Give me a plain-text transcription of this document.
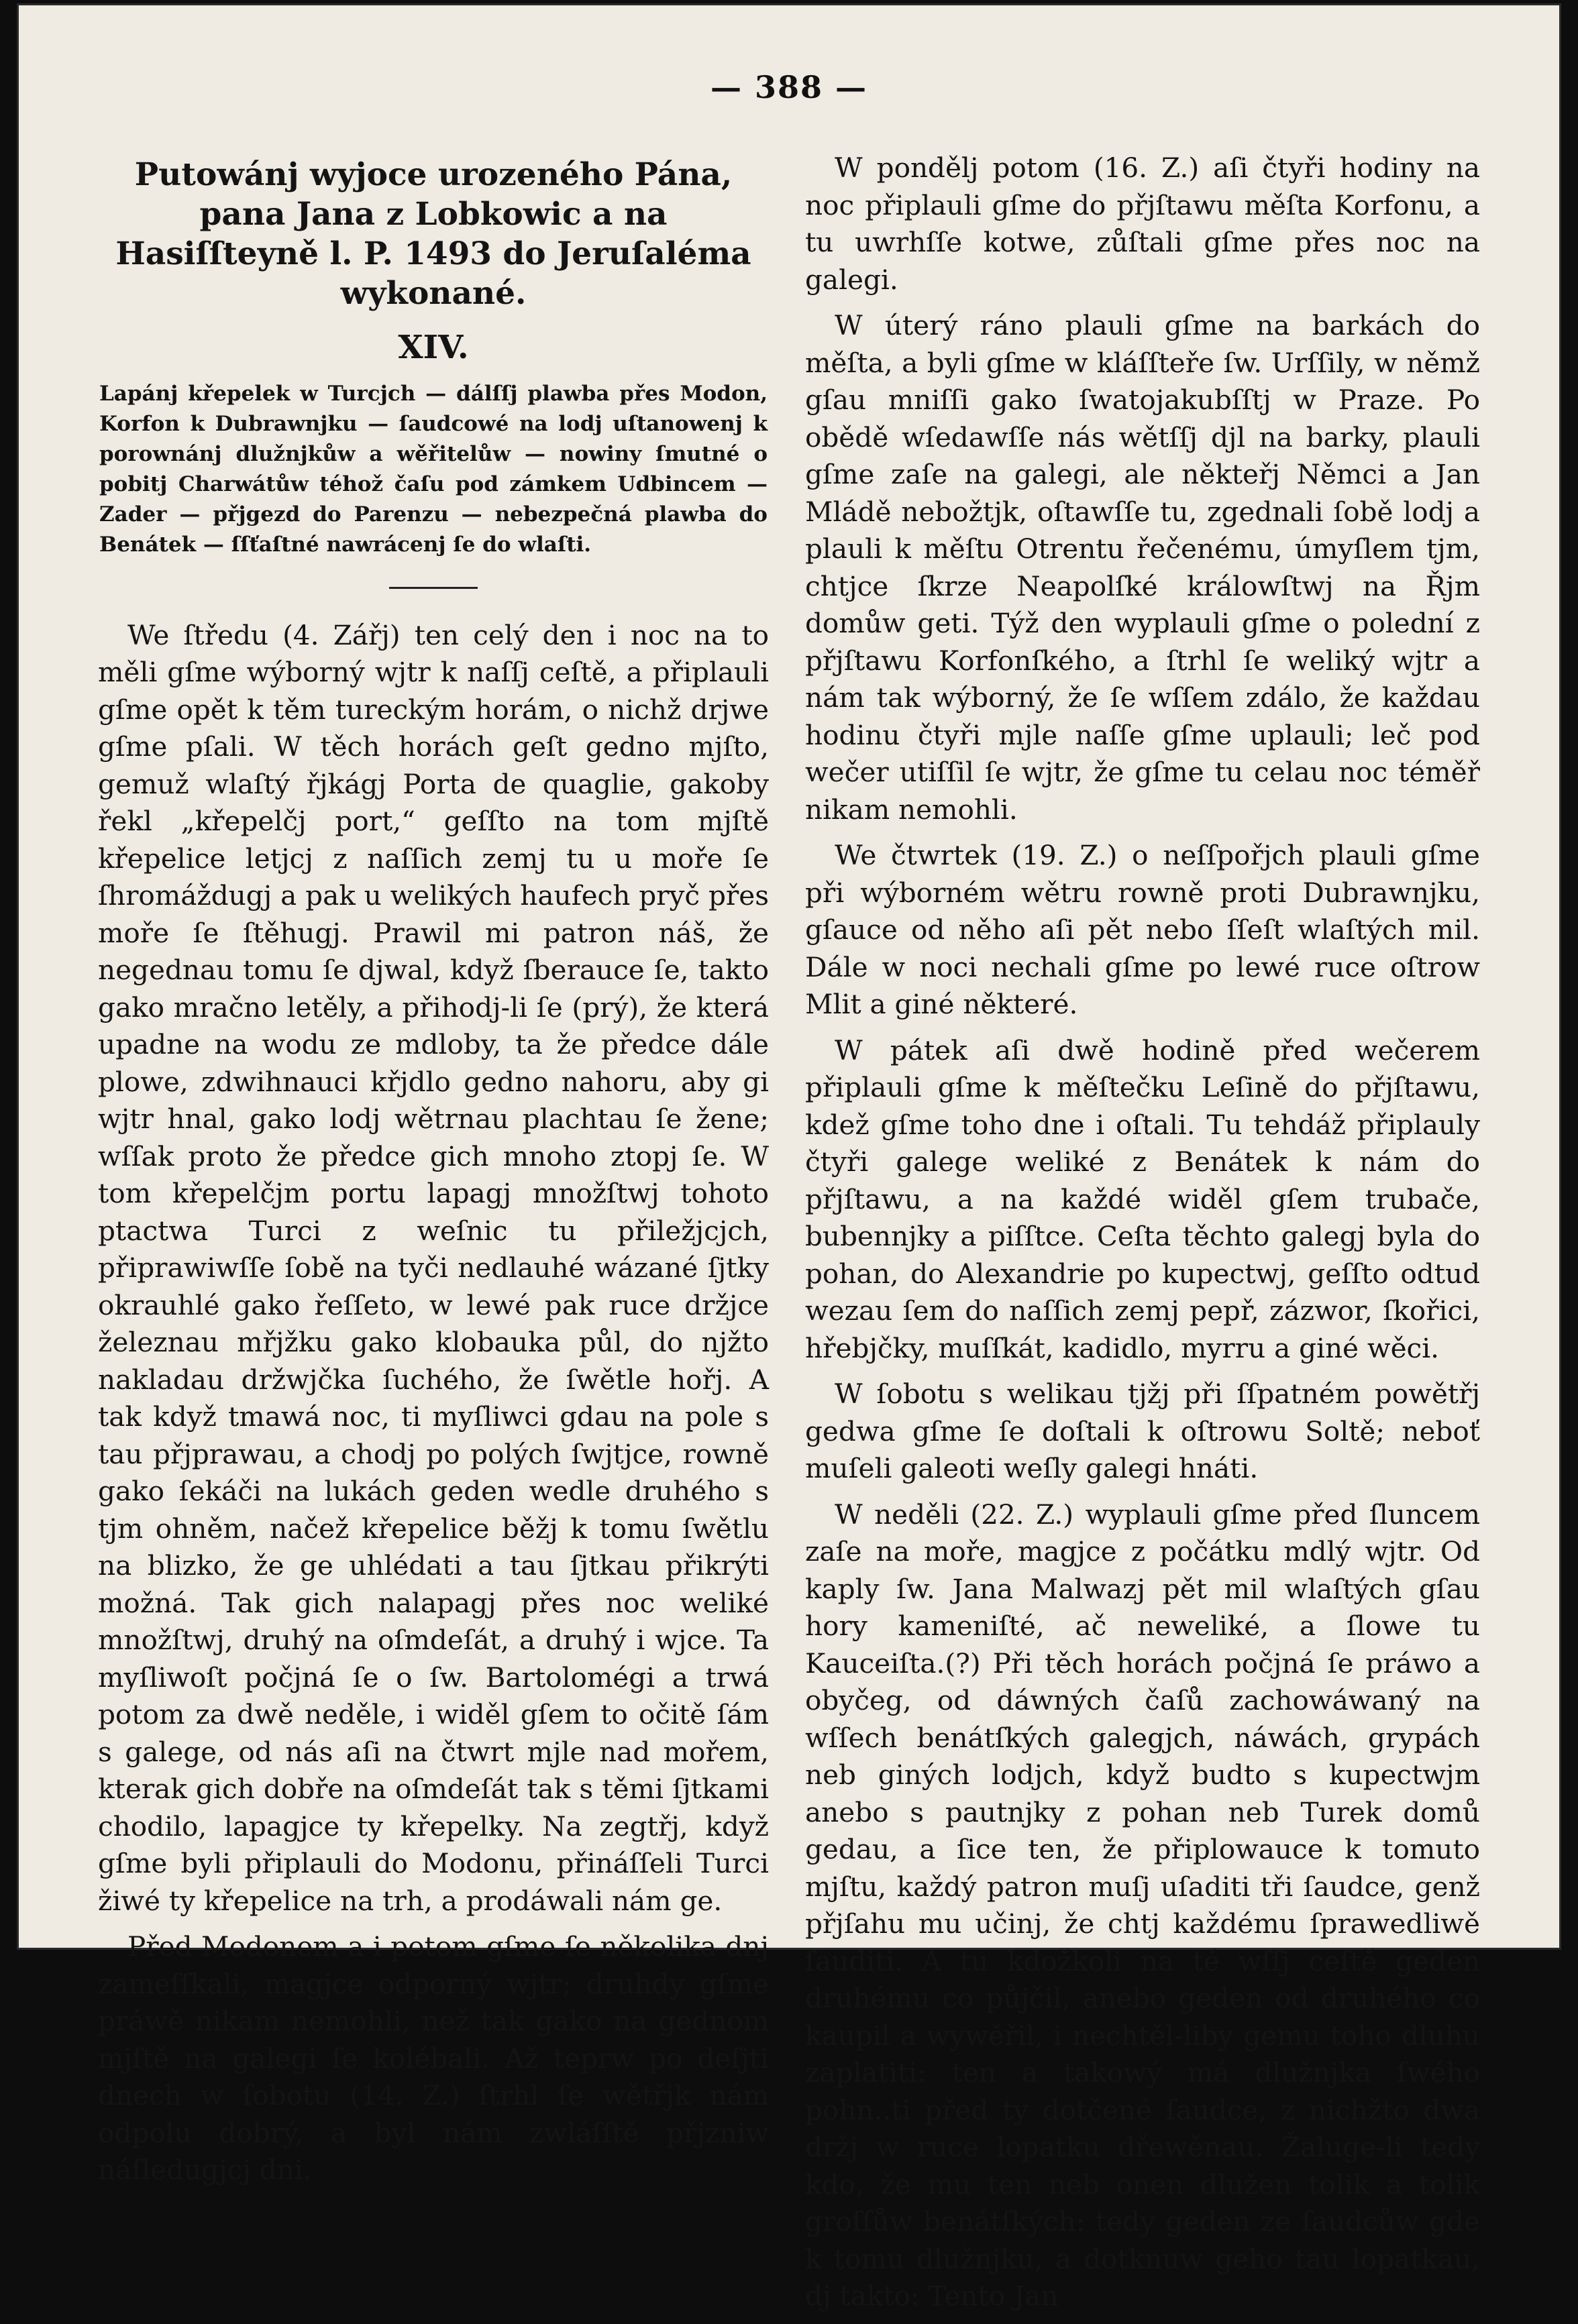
— 388 —
Putowánj wyjoce urozeného Pána, pana Jana z Lobkowic a na Hasiſſteyně l. P. 1493 do Jeruſaléma wykonané.
XIV.
Lapánj křepelek w Turcjch — dálſſj plawba přes Modon, Korfon k Dubrawnjku — ſaudcowé na lodj uſtanowenj k porownánj dlužnjkůw a wěřitelůw — nowiny ſmutné o pobitj Charwátůw téhož čaſu pod zámkem Udbincem — Zader — přjgezd do Parenzu — nebezpečná plawba do Benátek — ſſťaſtné nawrácenj ſe do wlaſti.

We ſtředu (4. Zářj) ten celý den i noc na to měli gſme wýborný wjtr k naſſj ceſtě, a připlauli gſme opět k těm tureckým horám, o nichž drjwe gſme pſali. W těch horách geſt gedno mjſto, gemuž wlaſtý řjkágj Porta de quaglie, gakoby řekl „křepelčj port,“ geſſto na tom mjſtě křepelice letjcj z naſſich zemj tu u moře ſe ſhromáždugj a pak u welikých haufech pryč přes moře ſe ſtěhugj. Prawil mi patron náš, že negednau tomu ſe djwal, když ſberauce ſe, takto gako mračno letěly, a přihodj-li ſe (prý), že která upadne na wodu ze mdloby, ta že předce dále plowe, zdwihnauci křjdlo gedno nahoru, aby gi wjtr hnal, gako lodj wětrnau plachtau ſe žene; wſſak proto že předce gich mnoho ztopj ſe. W tom křepelčjm portu lapagj množſtwj tohoto ptactwa Turci z weſnic tu přiležjcjch, připrawiwſſe ſobě na tyči nedlauhé wázané ſjtky okrauhlé gako řeſſeto, w lewé pak ruce držjce železnau mřjžku gako klobauka půl, do njžto nakladau držwjčka ſuchého, že ſwětle hořj. A tak když tmawá noc, ti myſliwci gdau na pole s tau přjprawau, a chodj po polých ſwjtjce, rowně gako ſekáči na lukách geden wedle druhého s tjm ohněm, načež křepelice běžj k tomu ſwětlu na blizko, že ge uhlédati a tau ſjtkau přikrýti možná. Tak gich nalapagj přes noc weliké množſtwj, druhý na oſmdeſát, a druhý i wjce. Ta myſliwoſt počjná ſe o ſw. Bartolomégi a trwá potom za dwě neděle, i widěl gſem to očitě ſám s galege, od nás aſi na čtwrt mjle nad mořem, kterak gich dobře na oſmdeſát tak s těmi ſjtkami chodilo, lapagjce ty křepelky. Na zegtřj, když gſme byli připlauli do Modonu, přináſſeli Turci žiwé ty křepelice na trh, a prodáwali nám ge.

Před Modonem a i potom gſme ſe několika dnj zameſſkali, magjce odporný wjtr; druhdy gſme práwě nikam nemohli, než tak gako na gednom mjſtě na galegi ſe kolébali. Až teprw po deſjti dnech w ſobotu (14. Z.) ſtrhl ſe wětřjk nám odpolu dobrý, a byl nám zwláſſtě přjzniw náſledugjcj dni.

W pondělj potom (16. Z.) aſi čtyři hodiny na noc připlauli gſme do přjſtawu měſta Korfonu, a tu uwrhſſe kotwe, zůſtali gſme přes noc na galegi.

W úterý ráno plauli gſme na barkách do měſta, a byli gſme w kláſſteře ſw. Urſſily, w němž gſau mniſſi gako ſwatojakubſſtj w Praze. Po obědě wſedawſſe nás wětſſj djl na barky, plauli gſme zaſe na galegi, ale někteřj Němci a Jan Mládě nebožtjk, oſtawſſe tu, zgednali ſobě lodj a plauli k měſtu Otrentu řečenému, úmyſlem tjm, chtjce ſkrze Neapolſké králowſtwj na Řjm domůw geti. Týž den wyplauli gſme o polední z přjſtawu Korfonſkého, a ſtrhl ſe weliký wjtr a nám tak wýborný, že ſe wſſem zdálo, že každau hodinu čtyři mjle naſſe gſme uplauli; leč pod wečer utiſſil ſe wjtr, že gſme tu celau noc téměř nikam nemohli.

We čtwrtek (19. Z.) o neſſpořjch plauli gſme při wýborném wětru rowně proti Dubrawnjku, gſauce od něho aſi pět nebo ſſeſt wlaſtých mil. Dále w noci nechali gſme po lewé ruce oſtrow Mlit a giné některé.

W pátek aſi dwě hodině před wečerem připlauli gſme k měſtečku Leſině do přjſtawu, kdež gſme toho dne i oſtali. Tu tehdáž připlauly čtyři galege weliké z Benátek k nám do přjſtawu, a na každé widěl gſem trubače, bubennjky a piſſtce. Ceſta těchto galegj byla do pohan, do Alexandrie po kupectwj, geſſto odtud wezau ſem do naſſich zemj pepř, zázwor, ſkořici, hřebjčky, muſſkát, kadidlo, myrru a giné wěci.

W ſobotu s welikau tjžj při ſſpatném powětřj gedwa gſme ſe doſtali k oſtrowu Soltě; neboť muſeli galeoti weſly galegi hnáti.

W neděli (22. Z.) wyplauli gſme před ſluncem zaſe na moře, magjce z počátku mdlý wjtr. Od kaply ſw. Jana Malwazj pět mil wlaſtých gſau hory kameniſté, ač neweliké, a ſlowe tu Kauceiſta.(?) Při těch horách počjná ſe práwo a obyčeg, od dáwných čaſů zachowáwaný na wſſech benátſkých galegjch, náwách, grypách neb giných lodjch, když budto s kupectwjm anebo s pautnjky z pohan neb Turek domů gedau, a ſice ten, že připlowauce k tomuto mjſtu, každý patron muſj uſaditi tři ſaudce, genž přjſahu mu učinj, že chtj každému ſprawedliwě ſauditi. A tu kdožkoli na té wſſj ceſtě geden druhému co půjčil, anebo geden od druhého co kaupil a wywěřil, i nechtěl-liby gemu toho dluhu zaplatiti: ten a takowý má dlužnjka ſwého pohn..ti před ty dotčené ſaudce, z nichžto dwa držj w ruce lopatku dřewěnau. Žaluge-li tedy kdo, že mu ten neb onen dlužen tolik a tolik groſſůw benátſkých: tedy geden ze ſaudcůw gde k tomu dlužnjku, a dotknuw geho tau lopatkau, dj takto: Tento Jan
